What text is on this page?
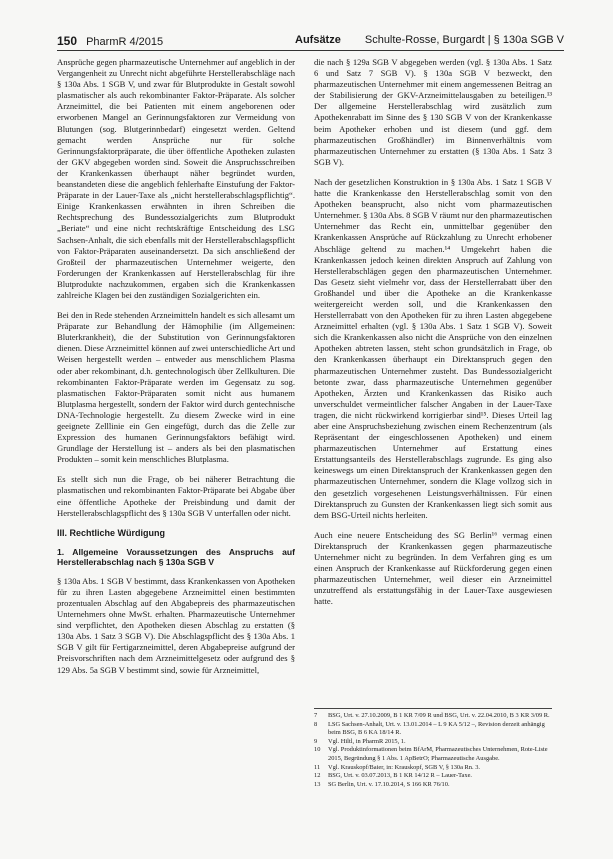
150 PharmR 4/2015	Aufsätze Schulte-Rosse, Burgardt | § 130a SGB V

Ansprüche gegen pharmazeutische Unternehmer auf angeblich in der Vergangenheit zu Unrecht nicht abgeführte Herstellerabschläge nach § 130a Abs. 1 SGB V, und zwar für Blutprodukte in Gestalt sowohl plasmatischer als auch rekombinanter Faktor-Präparate. Als solcher Arzneimittel, die bei Patienten mit einem angeborenen oder erworbenen Mangel an Gerinnungsfaktoren zur Vermeidung von Blutungen (sog. Blutgerinnbedarf) eingesetzt werden. Geltend gemacht werden Ansprüche nur für solche Gerinnungsfaktorpräparate, die über öffentliche Apotheken zulasten der GKV abgegeben worden sind. Soweit die Anspruchsschreiben der Krankenkassen überhaupt näher begründet wurden, beanstandeten diese die angeblich fehlerhafte Einstufung der Faktor-Präparate in der Lauer-Taxe als „nicht herstellerabschlagspflichtig“. Einige Krankenkassen erwähnten in ihren Schreiben die Rechtsprechung des Bundessozialgerichts zum Blutprodukt „Beriate“ und eine nicht rechtskräftige Entscheidung des LSG Sachsen-Anhalt, die sich ebenfalls mit der Herstellerabschlagspflicht von Faktor-Präparaten auseinandersetzt. Da sich anschließend der Großteil der pharmazeutischen Unternehmer weigerte, den Forderungen der Krankenkassen auf Herstellerabschlag für ihre Blutprodukte nachzukommen, ergaben sich die Krankenkassen zahlreiche Klagen bei den zuständigen Sozialgerichten ein.

Bei den in Rede stehenden Arzneimitteln handelt es sich allesamt um Präparate zur Behandlung der Hämophilie (im Allgemeinen: Bluterkrankheit), die der Substitution von Gerinnungsfaktoren dienen. Diese Arzneimittel können auf zwei unterschiedliche Art und Weisen hergestellt werden – entweder aus menschlichem Plasma oder aber rekombinant, d.h. gentechnologisch über Zellkulturen. Die rekombinanten Faktor-Präparate werden im Gegensatz zu sog. plasmatischen Faktor-Präparaten somit nicht aus humanem Blutplasma hergestellt, sondern der Faktor wird durch gentechnische DNA-Technologie hergestellt. Zu diesem Zwecke wird in eine geeignete Zelllinie ein Gen eingefügt, durch das die Zelle zur Expression des humanen Gerinnungsfaktors befähigt wird. Grundlage der Herstellung ist – anders als bei den plasmatischen Produkten – somit kein menschliches Blutplasma.

Es stellt sich nun die Frage, ob bei näherer Betrachtung die plasmatischen und rekombinanten Faktor-Präparate bei Abgabe über eine öffentliche Apotheke der Preisbindung und damit der Herstellerabschlagspflicht des § 130a SGB V unterfallen oder nicht.

III. Rechtliche Würdigung
1. Allgemeine Voraussetzungen des Anspruchs auf Herstellerabschlag nach § 130a SGB V

§ 130a Abs. 1 SGB V bestimmt, dass Krankenkassen von Apotheken für zu ihren Lasten abgegebene Arzneimittel einen bestimmten prozentualen Abschlag auf den Abgabepreis des pharmazeutischen Unternehmers ohne MwSt. erhalten. Pharmazeutische Unternehmer sind verpflichtet, den Apotheken diesen Abschlag zu erstatten (§ 130a Abs. 1 Satz 3 SGB V). Die Abschlagspflicht des § 130a Abs. 1 SGB V gilt für Fertigarzneimittel, deren Abgabepreise aufgrund der Preisvorschriften nach dem Arzneimittelgesetz oder aufgrund des § 129 Abs. 5a SGB V bestimmt sind, sowie für Arzneimittel,

die nach § 129a SGB V abgegeben werden (vgl. § 130a Abs. 1 Satz 6 und Satz 7 SGB V). § 130a SGB V bezweckt, den pharmazeutischen Unternehmer mit einem angemessenen Beitrag an der Stabilisierung der GKV-Arzneimittelausgaben zu beteiligen.¹³ Der allgemeine Herstellerabschlag wird zusätzlich zum Apothekenrabatt im Sinne des § 130 SGB V von der Krankenkasse beim Apotheker erhoben und ist diesem (und ggf. dem pharmazeutischen Großhändler) im Binnenverhältnis vom pharmazeutischen Unternehmer zu erstatten (§ 130a Abs. 1 Satz 3 SGB V).

Nach der gesetzlichen Konstruktion in § 130a Abs. 1 Satz 1 SGB V hatte die Krankenkasse den Herstellerabschlag somit von den Apotheken beansprucht, also nicht vom pharmazeutischen Unternehmer. § 130a Abs. 8 SGB V räumt nur den pharmazeutischen Unternehmer das Recht ein, unmittelbar gegenüber den Krankenkassen Ansprüche auf Rückzahlung zu Unrecht erhobener Abschläge geltend zu machen.¹⁴ Umgekehrt haben die Krankenkassen jedoch keinen direkten Anspruch auf Zahlung von Herstellerabschlägen gegen den pharmazeutischen Unternehmer. Das Gesetz sieht vielmehr vor, dass der Herstellerrabatt über den Großhandel und über die Apotheke an die Krankenkasse weitergereicht werden soll, und die Krankenkassen den Herstellerrabatt von den Apotheken für zu ihren Lasten abgegebene Arzneimittel erhalten (vgl. § 130a Abs. 1 Satz 1 SGB V). Soweit sich die Krankenkassen also nicht die Ansprüche von den einzelnen Apotheken abtreten lassen, steht schon grundsätzlich in Frage, ob den Krankenkassen überhaupt ein Direktanspruch gegen den pharmazeutischen Unternehmer zusteht. Das Bundessozialgericht betonte zwar, dass pharmazeutische Unternehmen gegenüber Apotheken, Ärzten und Krankenkassen das Risiko auch unverschuldet vermeintlicher falscher Angaben in der Lauer-Taxe tragen, die nicht rückwirkend korrigierbar sind¹⁵. Dieses Urteil lag aber eine Anspruchsbeziehung zwischen einem Rechenzentrum (als Repräsentant der eingeschlossenen Apotheken) und einem pharmazeutischen Unternehmer auf Erstattung eines Erstattungsanteils des Herstellerabschlags zugrunde. Es ging also keineswegs um einen Direktanspruch der Krankenkassen gegen den pharmazeutischen Unternehmer, sondern die Klage vollzog sich in den gesetzlich vorgesehenen Leistungsverhältnissen. Für einen Direktanspruch zu Gunsten der Krankenkassen liegt sich somit aus dem BSG-Urteil nichts herleiten.

Auch eine neuere Entscheidung des SG Berlin¹⁶ vermag einen Direktanspruch der Krankenkassen gegen pharmazeutische Unternehmer nicht zu begründen. In dem Verfahren ging es um einen Anspruch der Krankenkasse auf Rückforderung gegen einen pharmazeutischen Unternehmer, weil dieser ein Arzneimittel unzutreffend als erstattungsfähig in der Lauer-Taxe ausgewiesen hatte.

7	BSG, Urt. v. 27.10.2009, B 1 KR 7/09 R und BSG, Urt. v. 22.04.2010, B 3 KR 3/09 R.
8	LSG Sachsen-Anhalt, Urt. v. 13.01.2014 – L 9 KA 5/12 –, Revision derzeit anhängig beim BSG, B 6 KA 18/14 R.
9	Vgl. Hiltl, in PharmR 2015, 1.
10	Vgl. Produktinformationen beim BfArM, Pharmazeutisches Unternehmen, Rote-Liste 2015, Begründung § 1 Abs. 1 ApBetrO; Pharmazeutische Ausgabe.
11	Vgl. Krauskopf/Baier, in: Krauskopf, SGB V, § 130a Rn. 3.
12	BSG, Urt. v. 03.07.2013, B 1 KR 14/12 R – Lauer-Taxe.
13	SG Berlin, Urt. v. 17.10.2014, S 166 KR 76/10.
